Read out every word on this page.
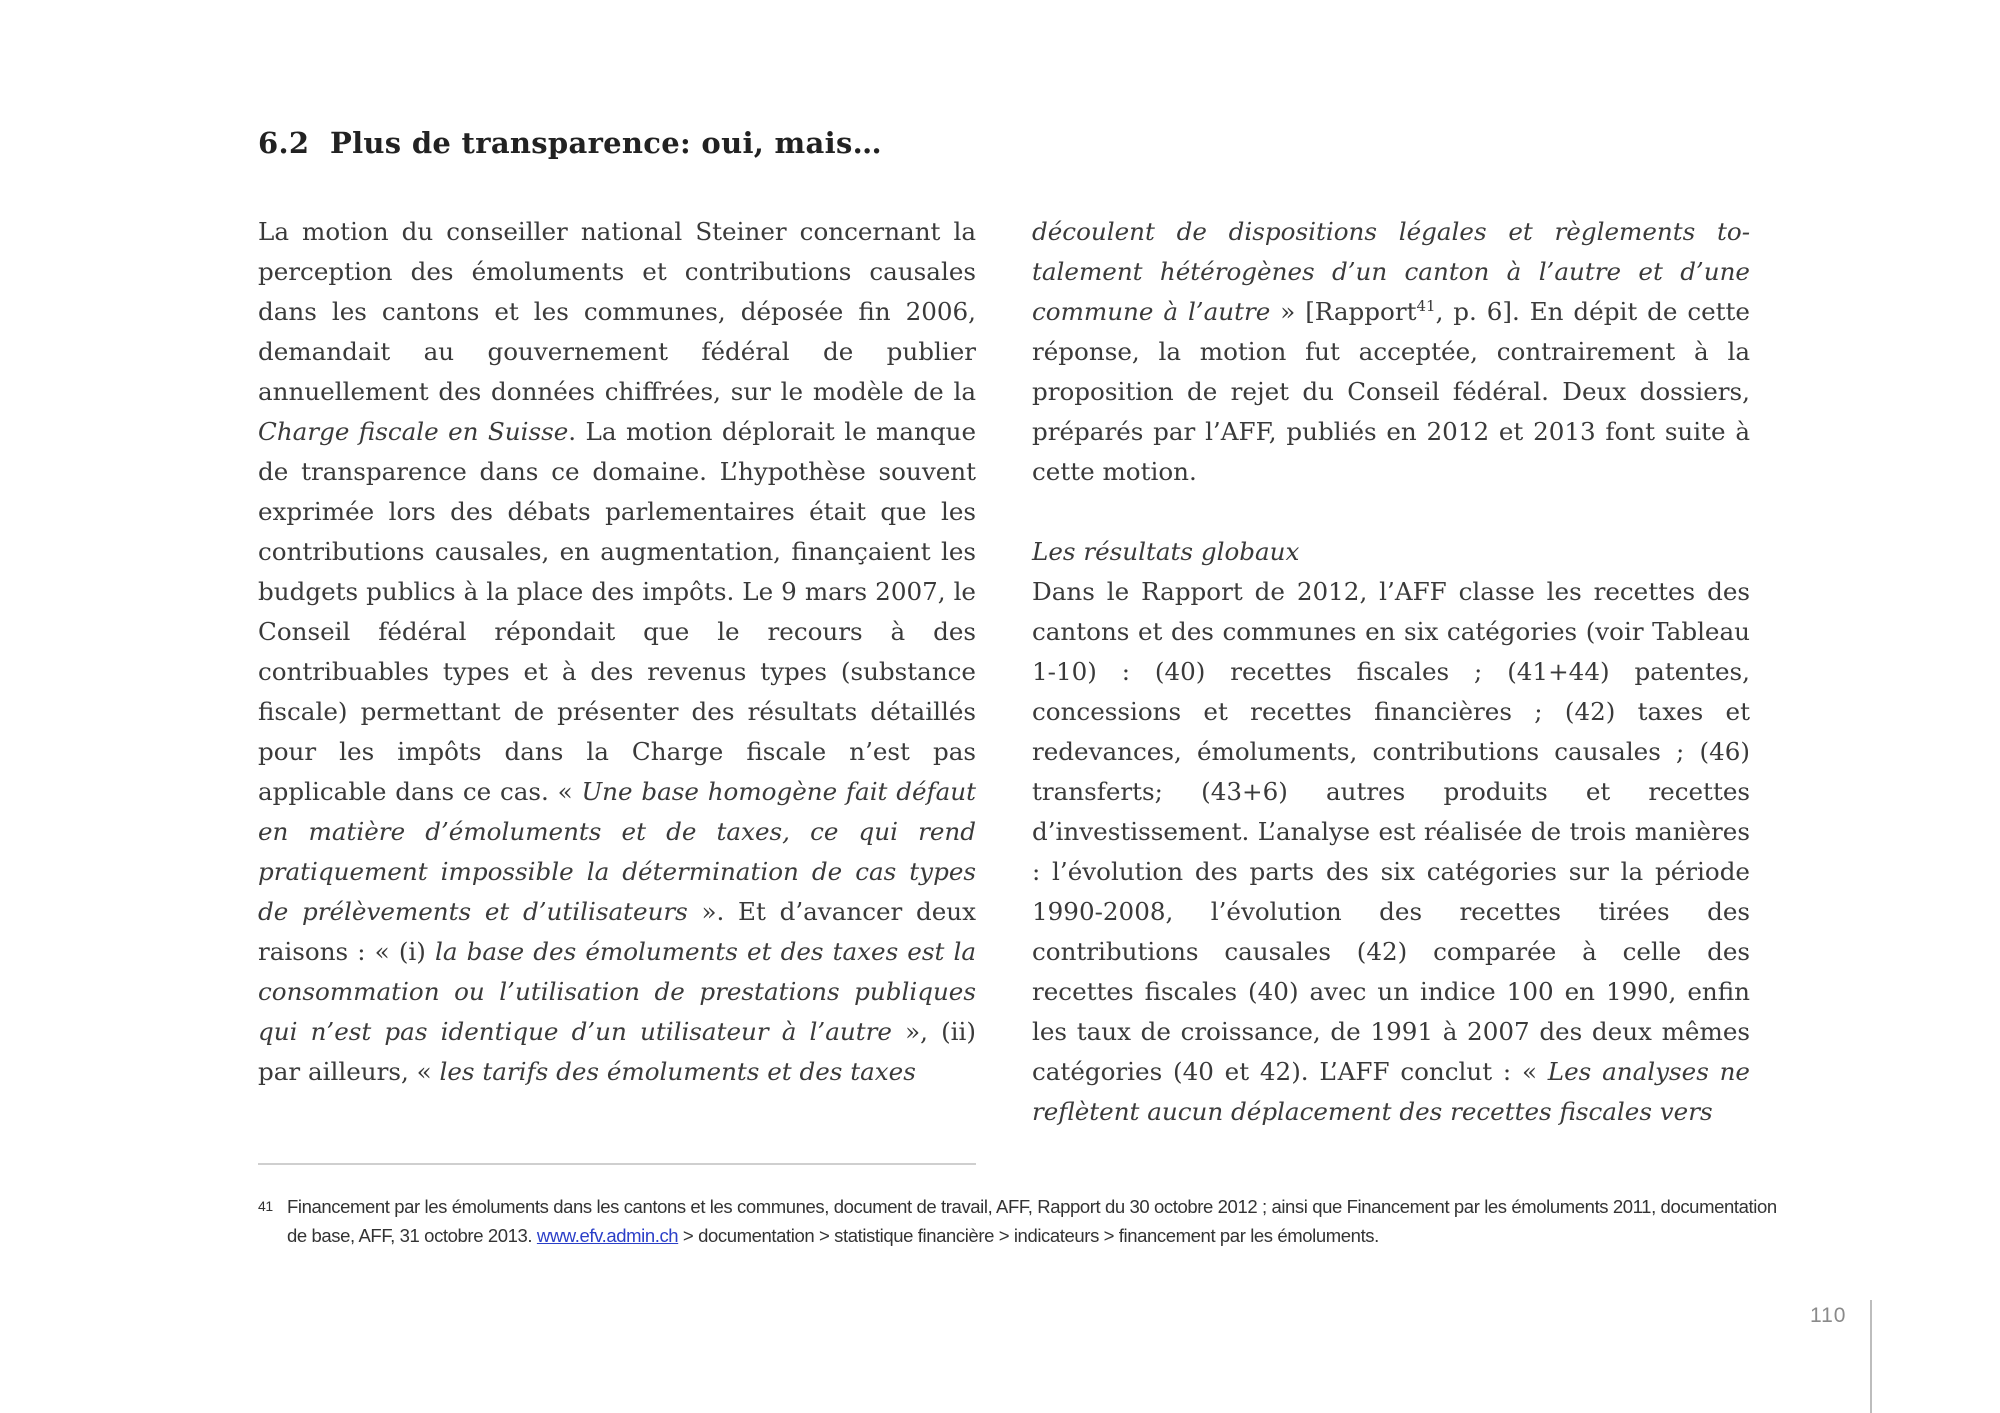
6.2 Plus de transparence: oui, mais…

La motion du conseiller national Steiner concernant la perception des émoluments et contributions causales dans les cantons et les communes, déposée fin 2006, demandait au gouvernement fédéral de publier annuellement des données chiffrées, sur le modèle de la Charge fiscale en Suisse. La motion déplorait le manque de transparence dans ce domaine. L’hypothèse souvent exprimée lors des débats parlementaires était que les contributions causales, en augmentation, finançaient les budgets publics à la place des impôts. Le 9 mars 2007, le Conseil fédéral répondait que le recours à des contribuables types et à des revenus types (substance fiscale) permettant de présenter des résultats détaillés pour les impôts dans la Charge fiscale n’est pas applicable dans ce cas. « Une base homogène fait défaut en matière d’émoluments et de taxes, ce qui rend pratiquement impossible la détermination de cas types de prélèvements et d’utilisateurs ». Et d’avancer deux raisons : « (i) la base des émoluments et des taxes est la consommation ou l’utilisation de prestations publiques qui n’est pas identique d’un utilisateur à l’autre », (ii) par ailleurs, « les tarifs des émoluments et des taxes

découlent de dispositions légales et règlements totalement hétérogènes d’un canton à l’autre et d’une commune à l’autre » [Rapport$^{41}$, p. 6]. En dépit de cette réponse, la motion fut acceptée, contrairement à la proposition de rejet du Conseil fédéral. Deux dossiers, préparés par l’AFF, publiés en 2012 et 2013 font suite à cette motion.

Les résultats globaux

Dans le Rapport de 2012, l’AFF classe les recettes des cantons et des communes en six catégories (voir Tableau 1-10) : (40) recettes fiscales ; (41+44) patentes, concessions et recettes financières ; (42) taxes et redevances, émoluments, contributions causales ; (46) transferts; (43+6) autres produits et recettes d’investissement. L’analyse est réalisée de trois manières : l’évolution des parts des six catégories sur la période 1990-2008, l’évolution des recettes tirées des contributions causales (42) comparée à celle des recettes fiscales (40) avec un indice 100 en 1990, enfin les taux de croissance, de 1991 à 2007 des deux mêmes catégories (40 et 42). L’AFF conclut : « Les analyses ne reflètent aucun déplacement des recettes fiscales vers

41 Financement par les émoluments dans les cantons et les communes, document de travail, AFF, Rapport du 30 octobre 2012 ; ainsi que Financement par les émoluments 2011, documentation de base, AFF, 31 octobre 2013. www.efv.admin.ch > documentation > statistique financière > indicateurs > financement par les émoluments.
110
